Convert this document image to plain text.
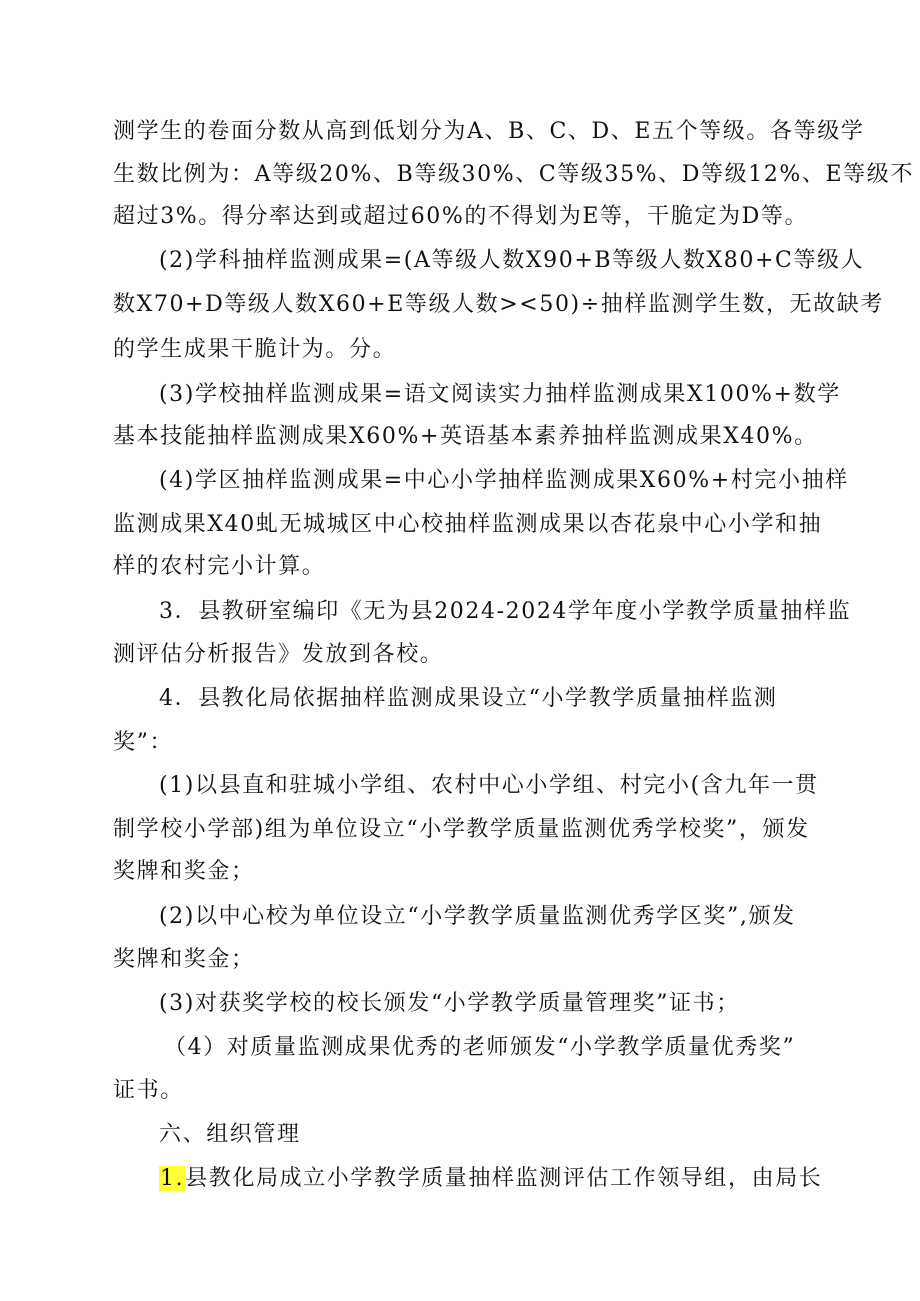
测学生的卷面分数从高到低划分为A、B、C、D、E五个等级。各等级学
生数比例为：A等级20%、B等级30%、C等级35%、D等级12%、E等级不
超过3%。得分率达到或超过60%的不得划为E等，干脆定为D等。
(2)学科抽样监测成果=(A等级人数X90+B等级人数X80+C等级人
数X70+D等级人数X60+E等级人数><50)÷抽样监测学生数，无故缺考
的学生成果干脆计为。分。
(3)学校抽样监测成果=语文阅读实力抽样监测成果X100%+数学
基本技能抽样监测成果X60%+英语基本素养抽样监测成果X40%。
(4)学区抽样监测成果=中心小学抽样监测成果X60%+村完小抽样
监测成果X40虬无城城区中心校抽样监测成果以杏花泉中心小学和抽
样的农村完小计算。
3．县教研室编印《无为县2024-2024学年度小学教学质量抽样监
测评估分析报告》发放到各校。
4．县教化局依据抽样监测成果设立“小学教学质量抽样监测
奖”：
(1)以县直和驻城小学组、农村中心小学组、村完小(含九年一贯
制学校小学部)组为单位设立“小学教学质量监测优秀学校奖”，颁发
奖牌和奖金；
(2)以中心校为单位设立“小学教学质量监测优秀学区奖”,颁发
奖牌和奖金；
(3)对获奖学校的校长颁发“小学教学质量管理奖”证书；
（4）对质量监测成果优秀的老师颁发“小学教学质量优秀奖”
证书。
六、组织管理
1.县教化局成立小学教学质量抽样监测评估工作领导组，由局长
